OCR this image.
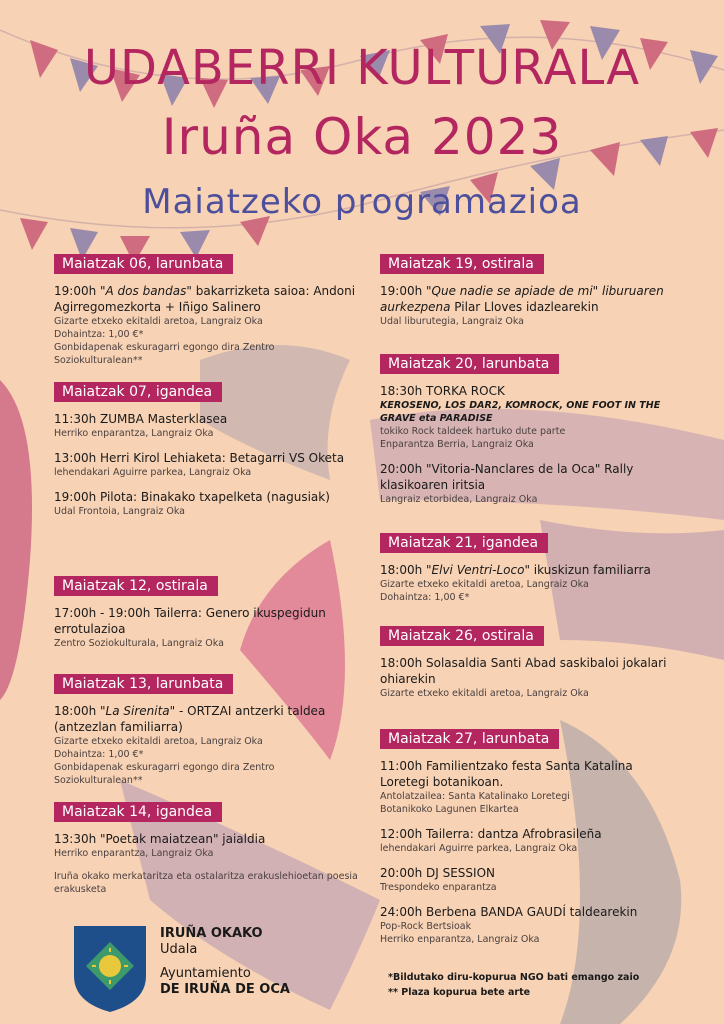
UDABERRI KULTURALA
Iruña Oka 2023
Maiatzeko programazioa
Maiatzak 06, larunbata
19:00h "A dos bandas" bakarrizketa saioa: Andoni Agirregomezkorta + Iñigo Salinero
Gizarte etxeko ekitaldi aretoa, Langraiz Oka
Dohaintza: 1,00 €*
Gonbidapenak eskuragarri egongo dira Zentro Soziokulturalean**
Maiatzak 07, igandea
11:30h ZUMBA Masterklasea
Herriko enparantza, Langraiz Oka
13:00h Herri Kirol Lehiaketa: Betagarri VS Oketa
lehendakari Aguirre parkea, Langraiz Oka
19:00h Pilota: Binakako txapelketa (nagusiak)
Udal Frontoia, Langraiz Oka
Maiatzak 12, ostirala
17:00h - 19:00h Tailerra: Genero ikuspegidun errotulazioa
Zentro Soziokulturala, Langraiz Oka
Maiatzak 13, larunbata
18:00h "La Sirenita" - ORTZAI antzerki taldea (antzezlan familiarra)
Gizarte etxeko ekitaldi aretoa, Langraiz Oka
Dohaintza: 1,00 €*
Gonbidapenak eskuragarri egongo dira Zentro Soziokulturalean**
Maiatzak 14, igandea
13:30h "Poetak maiatzean" jaialdia
Herriko enparantza, Langraiz Oka
Iruña okako merkataritza eta ostalaritza erakuslehioetan poesia erakusketa
Maiatzak 19, ostirala
19:00h "Que nadie se apiade de mi" liburuaren aurkezpena Pilar Lloves idazlearekin
Udal liburutegia, Langraiz Oka
Maiatzak 20, larunbata
18:30h TORKA ROCK
KEROSENO, LOS DAR2, KOMROCK, ONE FOOT IN THE GRAVE eta PARADISE
tokiko Rock taldeek hartuko dute parte
Enparantza Berria, Langraiz Oka
20:00h "Vitoria-Nanclares de la Oca" Rally klasikoaren iritsia
Langraiz etorbidea, Langraiz Oka
Maiatzak 21, igandea
18:00h "Elvi Ventri-Loco" ikuskizun familiarra
Gizarte etxeko ekitaldi aretoa, Langraiz Oka
Dohaintza: 1,00 €*
Maiatzak 26, ostirala
18:00h Solasaldia Santi Abad saskibaloi jokalari ohiarekin
Gizarte etxeko ekitaldi aretoa, Langraiz Oka
Maiatzak 27, larunbata
11:00h Familientzako festa Santa Katalina Loretegi botanikoan.
Antolatzailea: Santa Katalinako Loretegi
Botanikoko Lagunen Elkartea
12:00h Tailerra: dantza Afrobrasileña
lehendakari Aguirre parkea, Langraiz Oka
20:00h DJ SESSION
Trespondeko enparantza
24:00h Berbena BANDA GAUDÍ taldearekin
Pop-Rock Bertsioak
Herriko enparantza, Langraiz Oka
IRUÑA OKAKO
Udala
Ayuntamiento
DE IRUÑA DE OCA
*Bildutako diru-kopurua NGO bati emango zaio
** Plaza kopurua bete arte
